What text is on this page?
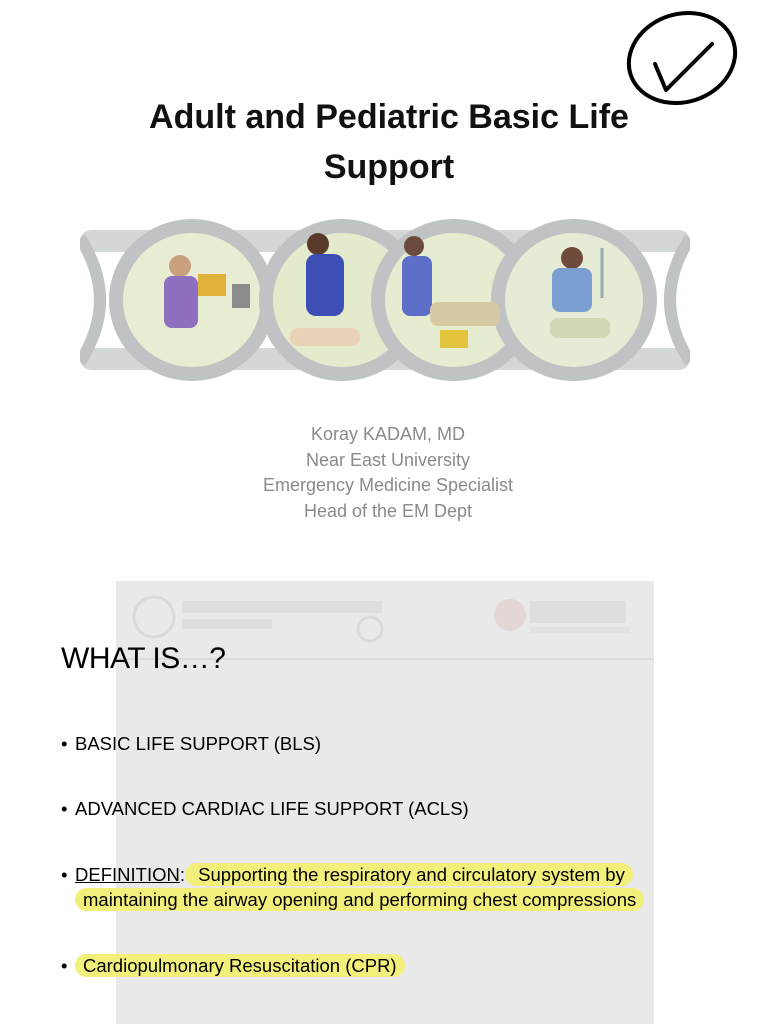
Adult and Pediatric Basic Life Support
Koray KADAM, MD
Near East University
Emergency Medicine Specialist
Head of the EM Dept
WHAT IS…?
• BASIC LIFE SUPPORT (BLS)
• ADVANCED CARDIAC LIFE SUPPORT (ACLS)
• DEFINITION: Supporting the respiratory and circulatory system by maintaining the airway opening and performing chest compressions
• Cardiopulmonary Resuscitation (CPR)
